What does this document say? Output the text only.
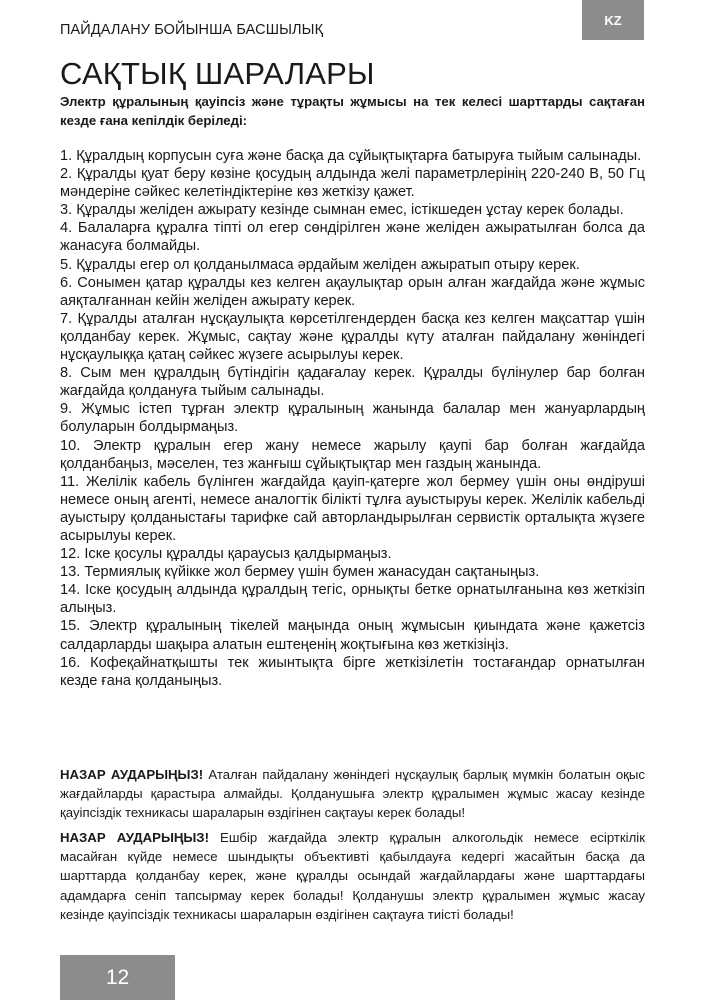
ПАЙДАЛАНУ БОЙЫНША БАСШЫЛЫҚ
KZ
САҚТЫҚ ШАРАЛАРЫ

Электр құралының қауіпсіз және тұрақты жұмысы на тек келесі шарттарды сақтаған кезде ғана кепілдік беріледі:

1. Құралдың корпусын суға және басқа да сұйықтықтарға батыруға тыйым салынады.
2. Құралды қуат беру көзіне қосудың алдында желі параметрлерінің 220-240 В, 50 Гц мәндеріне сәйкес келетіндіктеріне көз жеткізу қажет.
3. Құралды желіден ажырату кезінде сымнан емес, істікшеден ұстау керек болады.
4. Балаларға құралға тіпті ол егер сөндірілген және желіден ажыратылған болса да жанасуға болмайды.
5. Құралды егер ол қолданылмаса әрдайым желіден ажыратып отыру керек.
6. Сонымен қатар құралды кез келген ақаулықтар орын алған жағдайда және жұмыс аяқталғаннан кейін желіден ажырату керек.
7. Құралды аталған нұсқаулықта көрсетілгендерден басқа кез келген мақсаттар үшін қолданбау керек. Жұмыс, сақтау және құралды күту аталған пайдалану жөніндегі нұсқаулыққа қатаң сәйкес жүзеге асырылуы керек.
8. Сым мен құралдың бүтіндігін қадағалау керек. Құралды бүлінулер бар болған жағдайда қолдануға тыйым салынады.
9. Жұмыс істеп тұрған электр құралының жанында балалар мен жануарлардың болуларын болдырмаңыз.
10. Электр құралын егер жану немесе жарылу қаупі бар болған жағдайда қолданбаңыз, мәселен, тез жанғыш сұйықтықтар мен газдың жанында.
11. Желілік кабель бүлінген жағдайда қауіп-қатерге жол бермеу үшін оны өндіруші немесе оның агенті, немесе аналогтік білікті тұлға ауыстыруы керек. Желілік кабельді ауыстыру қолданыстағы тарифке сай авторландырылған сервистік орталықта жүзеге асырылуы керек.
12. Іске қосулы құралды қараусыз қалдырмаңыз.
13. Термиялық күйікке жол бермеу үшін бумен жанасудан сақтаныңыз.
14. Іске қосудың алдында құралдың тегіс, орнықты бетке орнатылғанына көз жеткізіп алыңыз.
15. Электр құралының тікелей маңында оның жұмысын қиындата және қажетсіз салдарларды шақыра алатын ештеңенің жоқтығына көз жеткізіңіз.
16. Кофеқайнатқышты тек жиынтықта бірге жеткізілетін тостағандар орнатылған кезде ғана қолданыңыз.

НАЗАР АУДАРЫҢЫЗ! Аталған пайдалану жөніндегі нұсқаулық барлық мүмкін болатын оқыс жағдайларды қарастыра алмайды. Қолданушыға электр құралымен жұмыс жасау кезінде қауіпсіздік техникасы шараларын өздігінен сақтауы керек болады!

НАЗАР АУДАРЫҢЫЗ! Ешбір жағдайда электр құралын алкогольдік немесе есірткілік масайған күйде немесе шындықты объективті қабылдауға кедергі жасайтын басқа да шарттарда қолданбау керек, және құралды осындай жағдайлардағы және шарттардағы адамдарға сеніп тапсырмау керек болады! Қолданушы электр құралымен жұмыс жасау кезінде қауіпсіздік техникасы шараларын өздігінен сақтауға тиісті болады!

12
